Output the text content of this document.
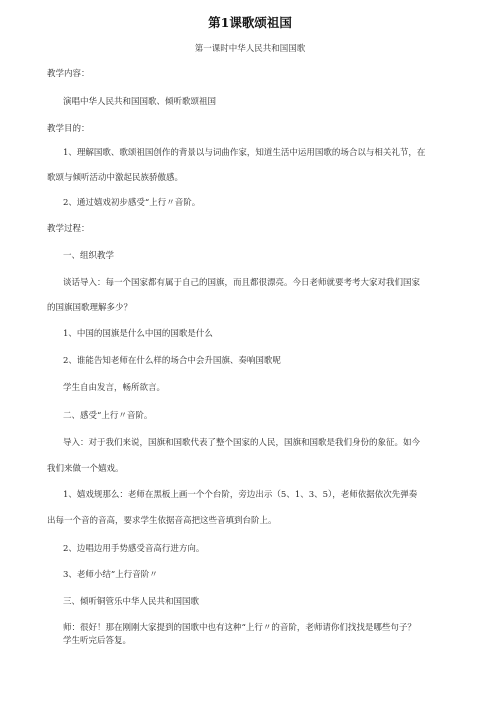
第1课歌颂祖国
第一课时中华人民共和国国歌
教学内容：
演唱中华人民共和国国歌、倾听歌颂祖国
教学目的：
1、理解国歌、歌颂祖国创作的背景以与词曲作家，知道生活中运用国歌的场合以与相关礼节，在
歌颂与倾听活动中激起民族骄傲感。
2、通过嬉戏初步感受“上行〃音阶。
教学过程：
一、组织教学
谈话导入：每一个国家都有属于自己的国旗，而且都很漂亮。今日老师就要考考大家对我们国家
的国旗国歌理解多少？
1、中国的国旗是什么中国的国歌是什么
2、谁能告知老师在什么样的场合中会升国旗、奏响国歌呢
学生自由发言，畅所欲言。
二、感受“上行〃音阶。
导入：对于我们来说，国旗和国歌代表了整个国家的人民，国旗和国歌是我们身份的象征。如今
我们来做一个嬉戏。
1、嬉戏规那么：老师在黑板上画一个个台阶，旁边出示（5、1、3、5），老师依据依次先弹奏
出每一个音的音高，要求学生依据音高把这些音填到台阶上。
2、边唱边用手势感受音高行进方向。
3、老师小结”上行音阶〃
三、倾听铜管乐中华人民共和国国歌
师：很好！那在刚刚大家提到的国歌中也有这种“上行〃的音阶，老师请你们找找是哪些句子？
学生听完后答复。
